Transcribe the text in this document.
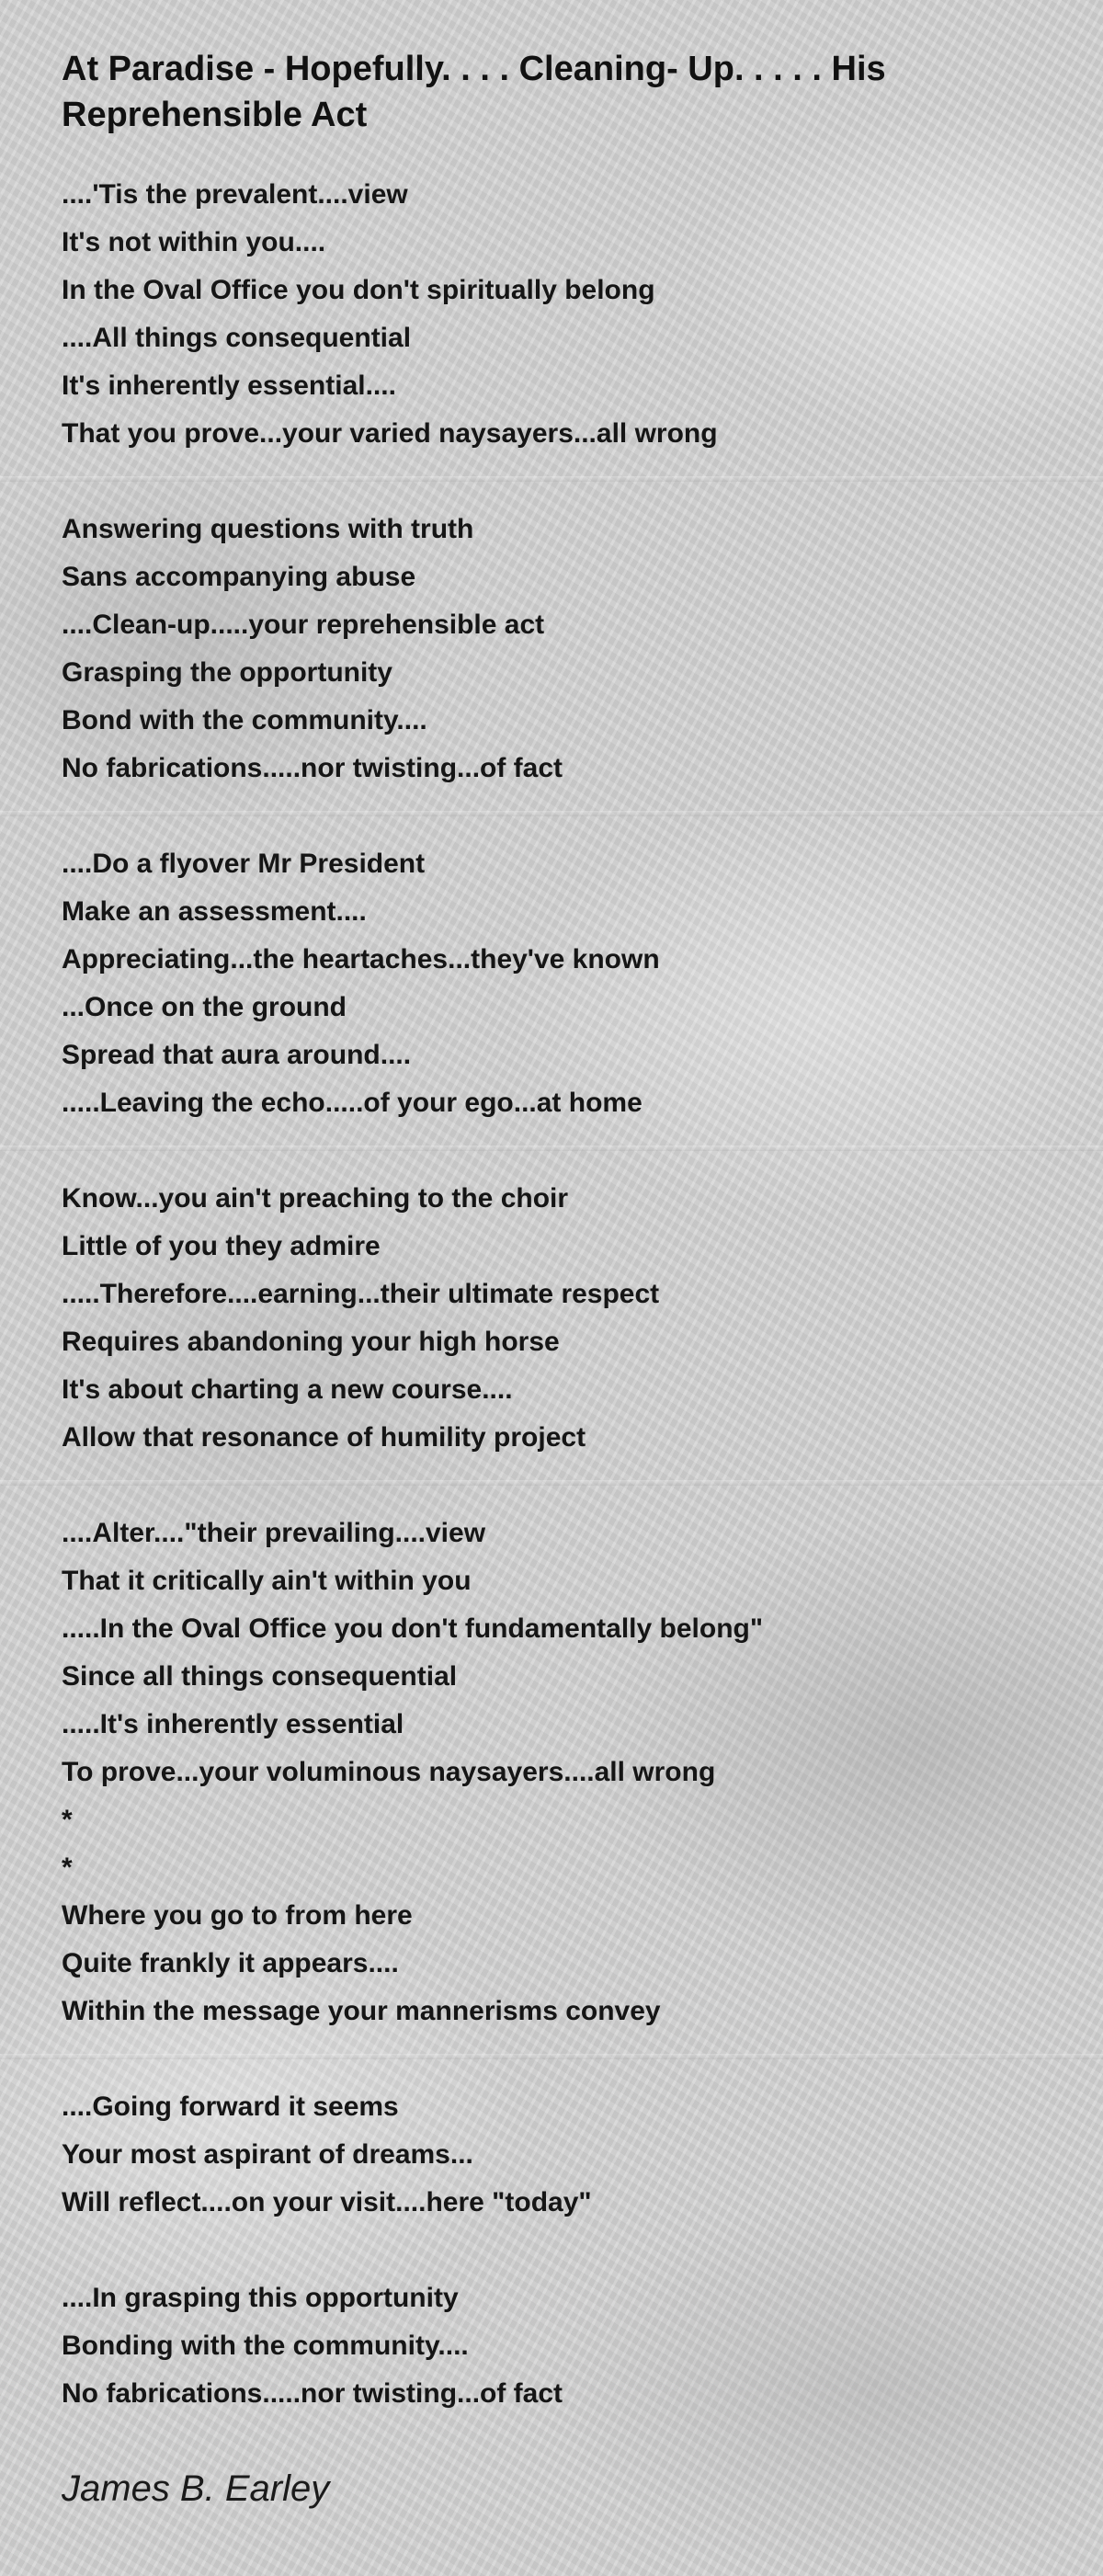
At Paradise - Hopefully. . . . Cleaning- Up. . . . . His Reprehensible Act
....'Tis the prevalent....view
It's not within you....
In the Oval Office you don't spiritually belong
....All things consequential
It's inherently essential....
That you prove...your varied naysayers...all wrong
Answering questions with truth
Sans accompanying abuse
....Clean-up.....your reprehensible act
Grasping the opportunity
Bond with the community....
No fabrications.....nor twisting...of fact
....Do a flyover Mr President
Make an assessment....
Appreciating...the heartaches...they've known
...Once on the ground
Spread that aura around....
.....Leaving the echo.....of your ego...at home
Know...you ain't preaching to the choir
Little of you they admire
.....Therefore....earning...their ultimate respect
Requires abandoning your high horse
It's about charting a new course....
Allow that resonance of humility project
....Alter...."their prevailing....view
That it critically ain't within you
.....In the Oval Office you don't fundamentally belong"
Since all things consequential
.....It's inherently essential
To prove...your voluminous naysayers....all wrong
*
*
Where you go to from here
Quite frankly it appears....
Within the message your mannerisms convey
....Going forward it seems
Your most aspirant of dreams...
Will reflect....on your visit....here "today"
....In grasping this opportunity
Bonding with the community....
No fabrications.....nor twisting...of fact
James B. Earley
